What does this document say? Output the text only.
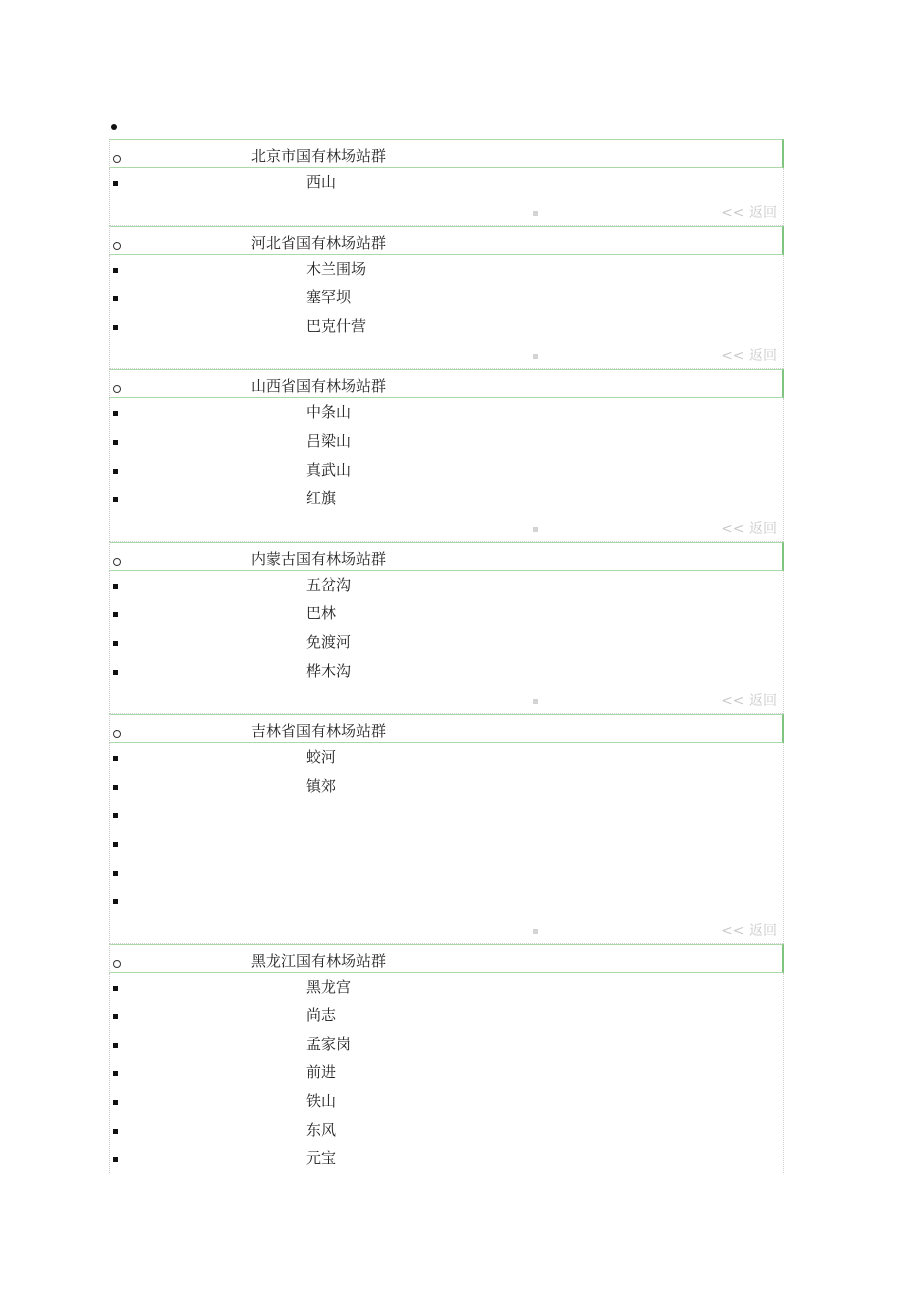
北京市国有林场站群
西山
<< 返回
河北省国有林场站群
木兰围场
塞罕坝
巴克什营
<< 返回
山西省国有林场站群
中条山
吕梁山
真武山
红旗
<< 返回
内蒙古国有林场站群
五岔沟
巴林
免渡河
桦木沟
<< 返回
吉林省国有林场站群
蛟河
镇郊
<< 返回
黑龙江国有林场站群
黑龙宫
尚志
孟家岗
前进
铁山
东风
元宝
